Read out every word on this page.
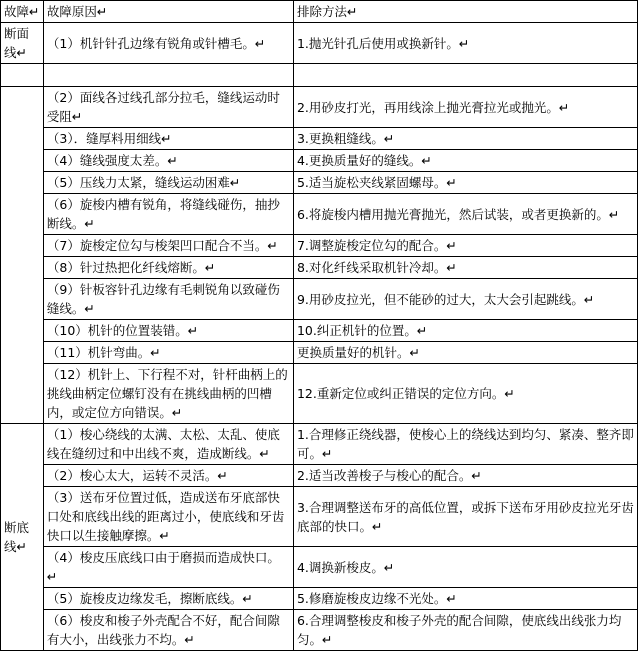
故障↵	故障原因↵	排除方法↵
断面线↵	（1）机针针孔边缘有锐角或针槽毛。↵	1.抛光针孔后使用或换新针。↵

	（2）面线各过线孔部分拉毛，缝线运动时受阻↵	2.用砂皮打光，再用线涂上抛光膏拉光或抛光。↵
	（3）．缝厚料用细线↵	3.更换粗缝线。↵
	（4）缝线强度太差。↵	4.更换质量好的缝线。↵
	（5）压线力太紧，缝线运动困难↵	5.适当旋松夹线紧固螺母。↵
	（6）旋梭内槽有锐角，将缝线碰伤，抽抄断线。↵	6.将旋梭内槽用抛光膏抛光，然后试装，或者更换新的。↵
	（7）旋梭定位勾与梭架凹口配合不当。↵	7.调整旋梭定位勾的配合。↵
	（8）针过热把化纤线熔断。↵	8.对化纤线采取机针冷却。↵
	（9）针板容针孔边缘有毛刺锐角以致碰伤缝线。↵	9.用砂皮拉光，但不能砂的过大，太大会引起跳线。↵
	（10）机针的位置装错。↵	10.纠正机针的位置。↵
	（11）机针弯曲。↵	更换质量好的机针。↵
	（12）机针上、下行程不对，针杆曲柄上的挑线曲柄定位螺钉没有在挑线曲柄的凹槽内，或定位方向错误。↵	12.重新定位或纠正错误的定位方向。↵
断底线↵	（1）梭心绕线的太满、太松、太乱、使底线在缝纫过和中出线不爽，造成断线。↵	1.合理修正绕线器，使梭心上的绕线达到均匀、紧凑、整齐即可。↵
	（2）梭心太大，运转不灵活。↵	2.适当改善梭子与梭心的配合。↵
	（3）送布牙位置过低，造成送布牙底部快口处和底线出线的距离过小，使底线和牙齿快口以生接触摩擦。↵	3.合理调整送布牙的高低位置，或拆下送布牙用砂皮拉光牙齿底部的快口。↵
	（4）梭皮压底线口由于磨损而造成快口。↵	4.调换新梭皮。↵
	（5）旋梭皮边缘发毛，擦断底线。↵	5.修磨旋梭皮边缘不光处。↵
	（6）梭皮和梭子外壳配合不好，配合间隙有大小，出线张力不均。↵	6.合理调整梭皮和梭子外壳的配合间隙，使底线出线张力均匀。↵
